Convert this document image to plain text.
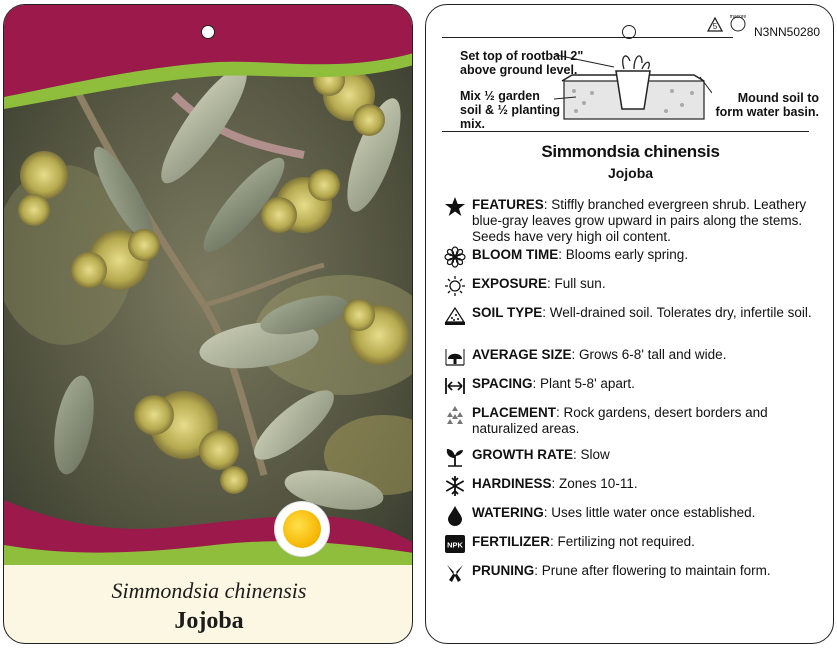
Simmondsia chinensis
Jojoba
5
macore
N3NN50280
Set top of rootball 2" above ground level.
Mix ½ garden soil & ½ planting mix.
Mound soil to form water basin.
Simmondsia chinensis
Jojoba
FEATURES: Stiffly branched evergreen shrub. Leathery blue-gray leaves grow upward in pairs along the stems. Seeds have very high oil content.
BLOOM TIME: Blooms early spring.
EXPOSURE: Full sun.
SOIL TYPE: Well-drained soil. Tolerates dry, infertile soil.
AVERAGE SIZE: Grows 6-8' tall and wide.
SPACING: Plant 5-8' apart.
PLACEMENT: Rock gardens, desert borders and naturalized areas.
GROWTH RATE: Slow
HARDINESS: Zones 10-11.
WATERING: Uses little water once established.
NPK FERTILIZER: Fertilizing not required.
PRUNING: Prune after flowering to maintain form.
